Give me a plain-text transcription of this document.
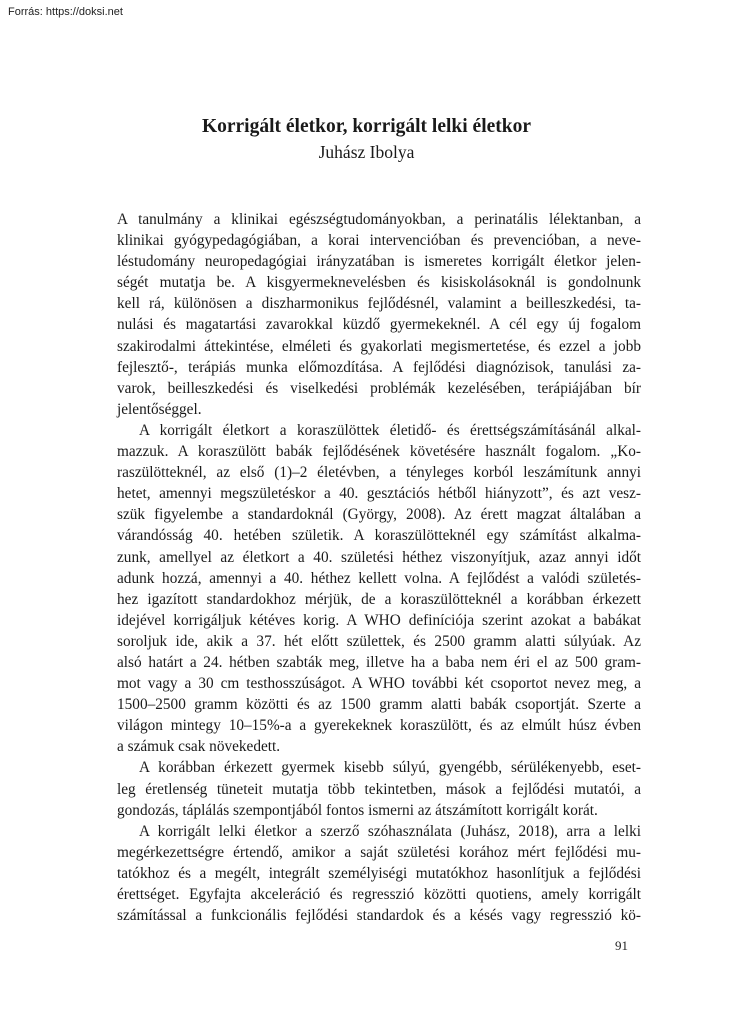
Forrás: https://doksi.net
Korrigált életkor, korrigált lelki életkor

Juhász Ibolya

A tanulmány a klinikai egészségtudományokban, a perinatális lélektanban, a
klinikai gyógypedagógiában, a korai intervencióban és prevencióban, a neve-
léstudomány neuropedagógiai irányzatában is ismeretes korrigált életkor jelen-
ségét mutatja be. A kisgyermeknevelésben és kisiskolásoknál is gondolnunk
kell rá, különösen a diszharmonikus fejlődésnél, valamint a beilleszkedési, ta-
nulási és magatartási zavarokkal küzdő gyermekeknél. A cél egy új fogalom
szakirodalmi áttekintése, elméleti és gyakorlati megismertetése, és ezzel a jobb
fejlesztő-, terápiás munka előmozdítása. A fejlődési diagnózisok, tanulási za-
varok, beilleszkedési és viselkedési problémák kezelésében, terápiájában bír
jelentőséggel.
A korrigált életkort a koraszülöttek életidő- és érettségszámításánál alkal-
mazzuk. A koraszülött babák fejlődésének követésére használt fogalom. „Ko-
raszülötteknél, az első (1)–2 életévben, a tényleges korból leszámítunk annyi
hetet, amennyi megszületéskor a 40. gesztációs hétből hiányzott”, és azt vesz-
szük figyelembe a standardoknál (György, 2008). Az érett magzat általában a
várandósság 40. hetében születik. A koraszülötteknél egy számítást alkalma-
zunk, amellyel az életkort a 40. születési héthez viszonyítjuk, azaz annyi időt
adunk hozzá, amennyi a 40. héthez kellett volna. A fejlődést a valódi születés-
hez igazított standardokhoz mérjük, de a koraszülötteknél a korábban érkezett
idejével korrigáljuk kétéves korig. A WHO definíciója szerint azokat a babákat
soroljuk ide, akik a 37. hét előtt születtek, és 2500 gramm alatti súlyúak. Az
alsó határt a 24. hétben szabták meg, illetve ha a baba nem éri el az 500 gram-
mot vagy a 30 cm testhosszúságot. A WHO további két csoportot nevez meg, a
1500–2500 gramm közötti és az 1500 gramm alatti babák csoportját. Szerte a
világon mintegy 10–15%-a a gyerekeknek koraszülött, és az elmúlt húsz évben
a számuk csak növekedett.
A korábban érkezett gyermek kisebb súlyú, gyengébb, sérülékenyebb, eset-
leg éretlenség tüneteit mutatja több tekintetben, mások a fejlődési mutatói, a
gondozás, táplálás szempontjából fontos ismerni az átszámított korrigált korát.
A korrigált lelki életkor a szerző szóhasználata (Juhász, 2018), arra a lelki
megérkezettségre értendő, amikor a saját születési korához mért fejlődési mu-
tatókhoz és a megélt, integrált személyiségi mutatókhoz hasonlítjuk a fejlődési
érettséget. Egyfajta akceleráció és regresszió közötti quotiens, amely korrigált
számítással a funkcionális fejlődési standardok és a késés vagy regresszió kö-
91
